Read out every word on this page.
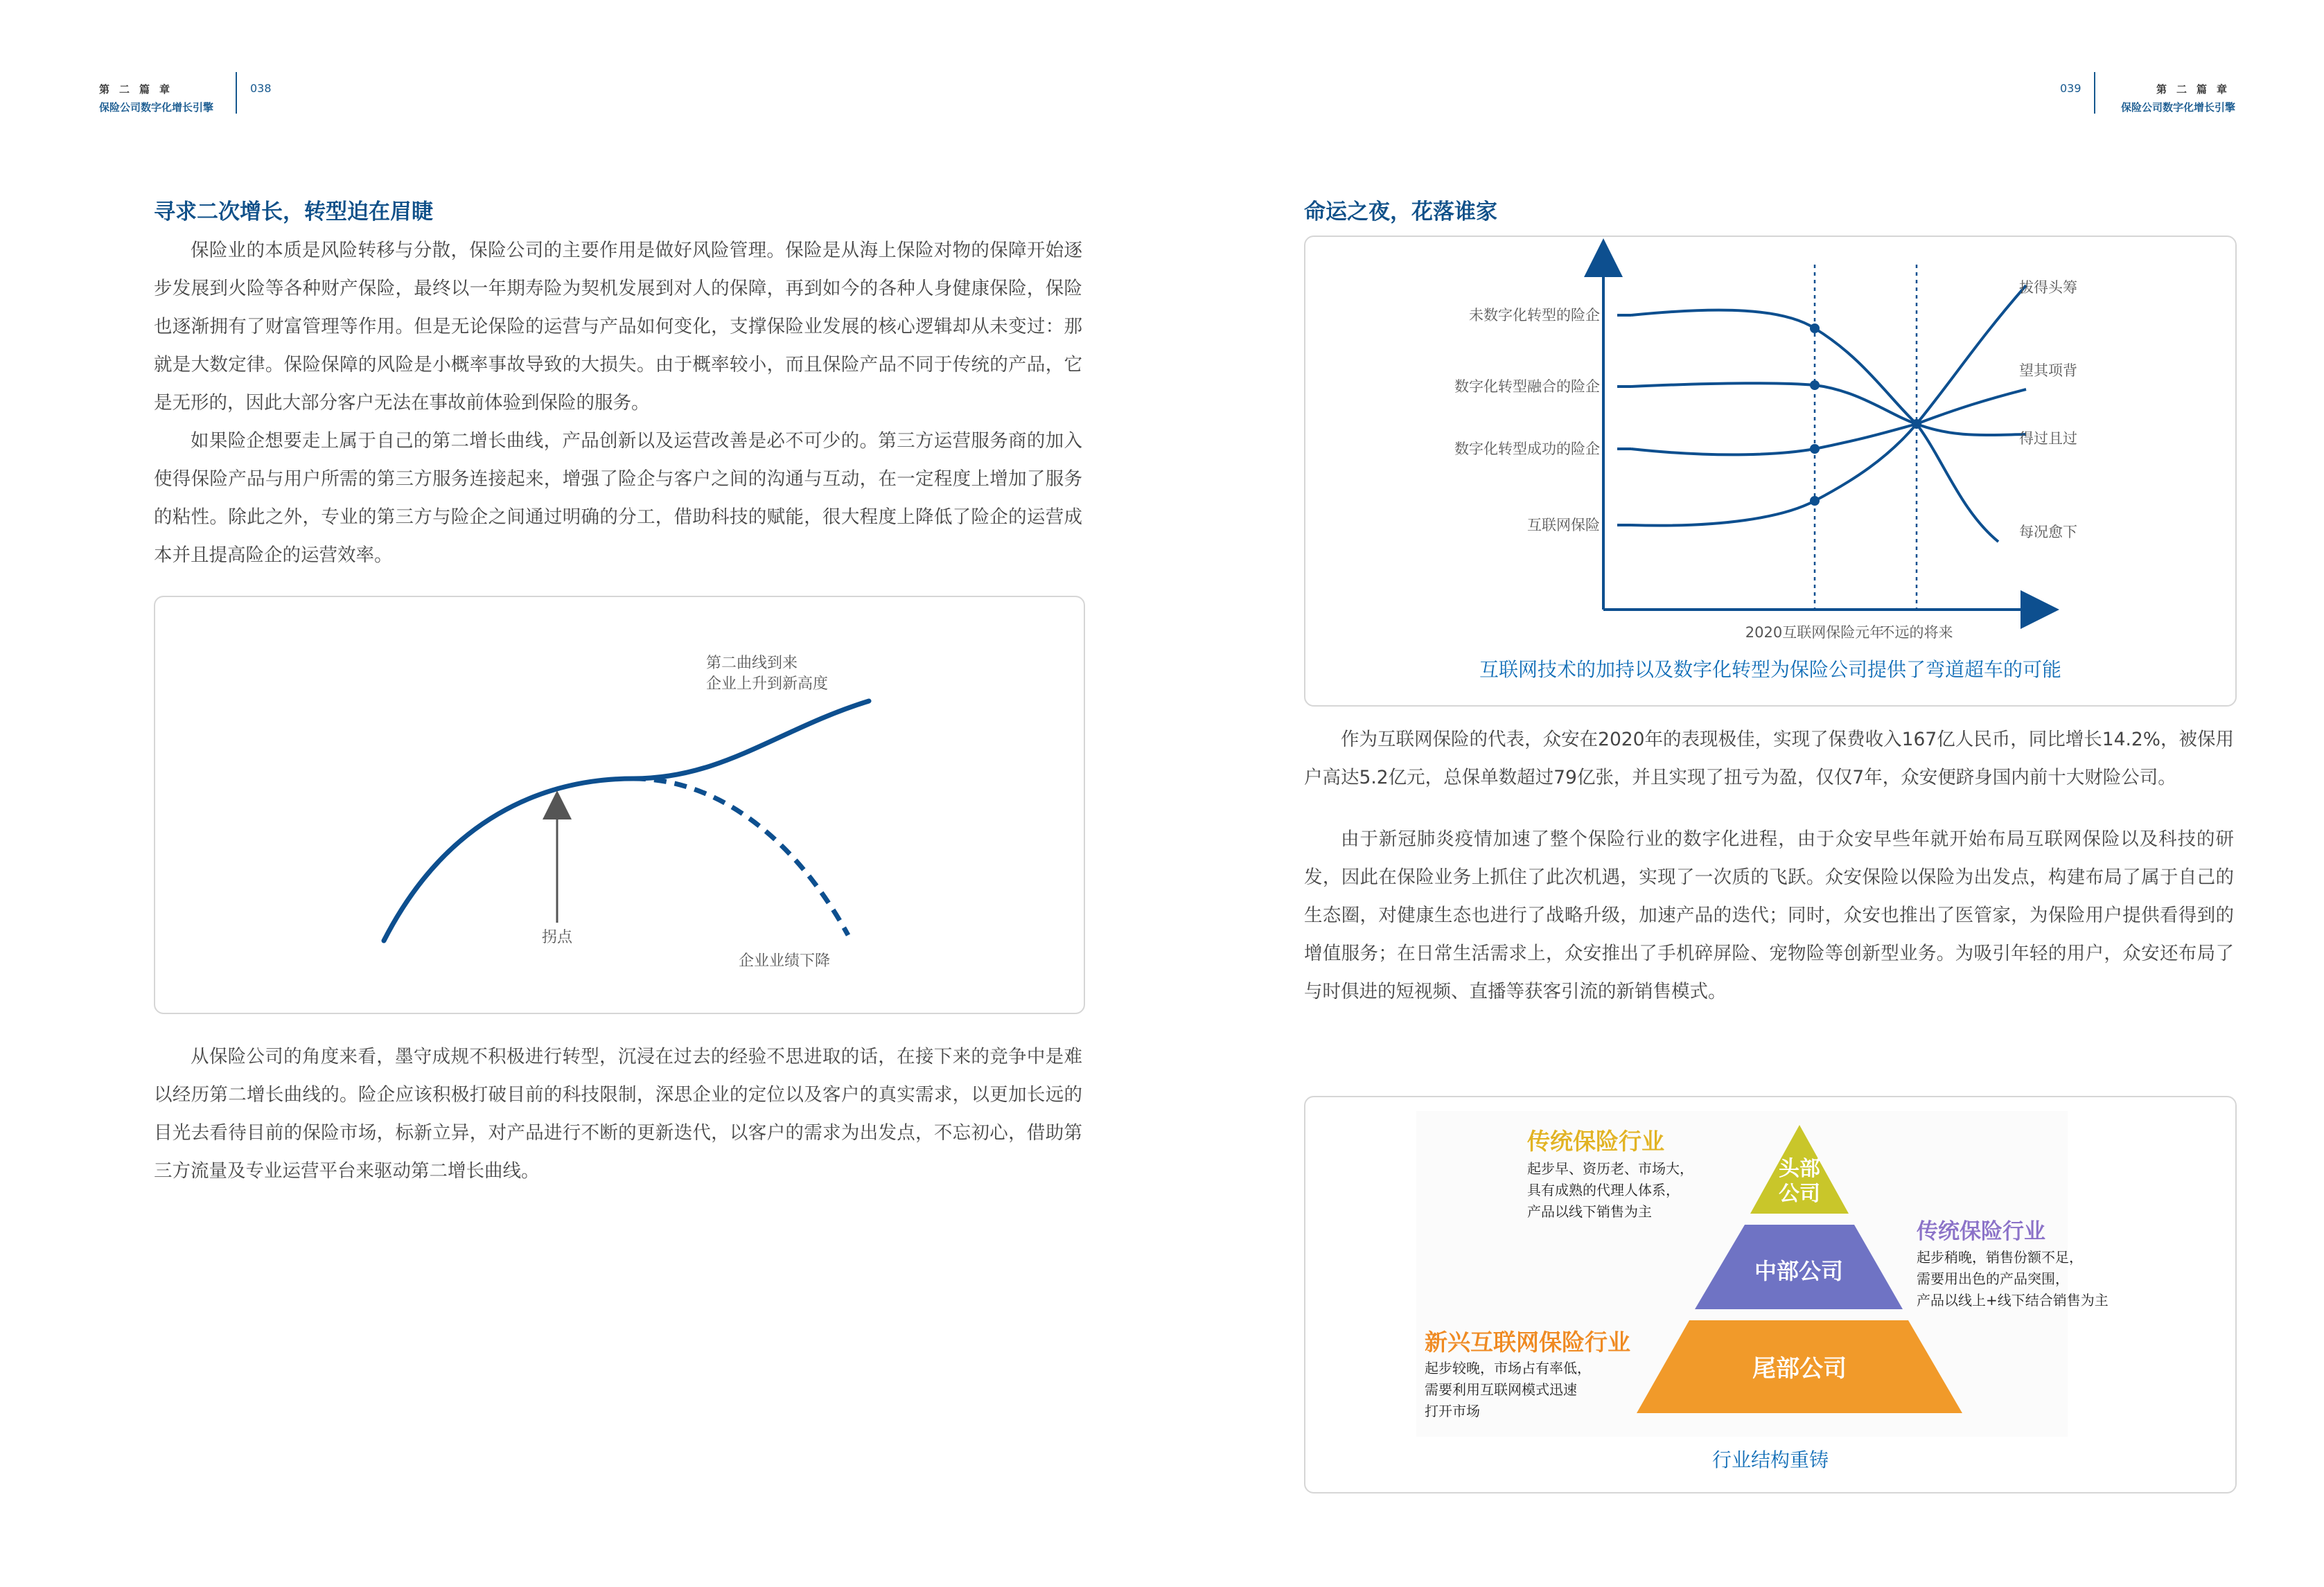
第二篇章
保险公司数字化增长引擎
038	039	第二篇章
保险公司数字化增长引擎
寻求二次增长，转型迫在眉睫

保险业的本质是风险转移与分散，保险公司的主要作用是做好风险管理。保险是从海上保险对物的保障开始逐步发展到火险等各种财产保险，最终以一年期寿险为契机发展到对人的保障，再到如今的各种人身健康保险，保险也逐渐拥有了财富管理等作用。但是无论保险的运营与产品如何变化，支撑保险业发展的核心逻辑却从未变过：那就是大数定律。保险保障的风险是小概率事故导致的大损失。由于概率较小，而且保险产品不同于传统的产品，它是无形的，因此大部分客户无法在事故前体验到保险的服务。

如果险企想要走上属于自己的第二增长曲线，产品创新以及运营改善是必不可少的。第三方运营服务商的加入使得保险产品与用户所需的第三方服务连接起来，增强了险企与客户之间的沟通与互动，在一定程度上增加了服务的粘性。除此之外，专业的第三方与险企之间通过明确的分工，借助科技的赋能，很大程度上降低了险企的运营成本并且提高险企的运营效率。

第二曲线到来
企业上升到新高度
拐点
企业业绩下降

从保险公司的角度来看，墨守成规不积极进行转型，沉浸在过去的经验不思进取的话，在接下来的竞争中是难以经历第二增长曲线的。险企应该积极打破目前的科技限制，深思企业的定位以及客户的真实需求，以更加长远的目光去看待目前的保险市场，标新立异，对产品进行不断的更新迭代，以客户的需求为出发点，不忘初心，借助第三方流量及专业运营平台来驱动第二增长曲线。

命运之夜，花落谁家
未数字化转型的险企
数字化转型融合的险企
数字化转型成功的险企
互联网保险
拔得头筹
望其项背
得过且过
每况愈下
2020互联网保险元年
不远的将来
互联网技术的加持以及数字化转型为保险公司提供了弯道超车的可能

作为互联网保险的代表，众安在2020年的表现极佳，实现了保费收入167亿人民币，同比增长14.2%，被保用户高达5.2亿元，总保单数超过79亿张，并且实现了扭亏为盈，仅仅7年，众安便跻身国内前十大财险公司。

由于新冠肺炎疫情加速了整个保险行业的数字化进程，由于众安早些年就开始布局互联网保险以及科技的研发，因此在保险业务上抓住了此次机遇，实现了一次质的飞跃。众安保险以保险为出发点，构建布局了属于自己的生态圈，对健康生态也进行了战略升级，加速产品的迭代；同时，众安也推出了医管家，为保险用户提供看得到的增值服务；在日常生活需求上，众安推出了手机碎屏险、宠物险等创新型业务。为吸引年轻的用户，众安还布局了与时俱进的短视频、直播等获客引流的新销售模式。

头部
公司
中部公司
尾部公司
传统保险行业
起步早、资历老、市场大，
具有成熟的代理人体系，
产品以线下销售为主
传统保险行业
起步稍晚，销售份额不足，
需要用出色的产品突围，
产品以线上+线下结合销售为主
新兴互联网保险行业
起步较晚，市场占有率低，
需要利用互联网模式迅速
打开市场
行业结构重铸
